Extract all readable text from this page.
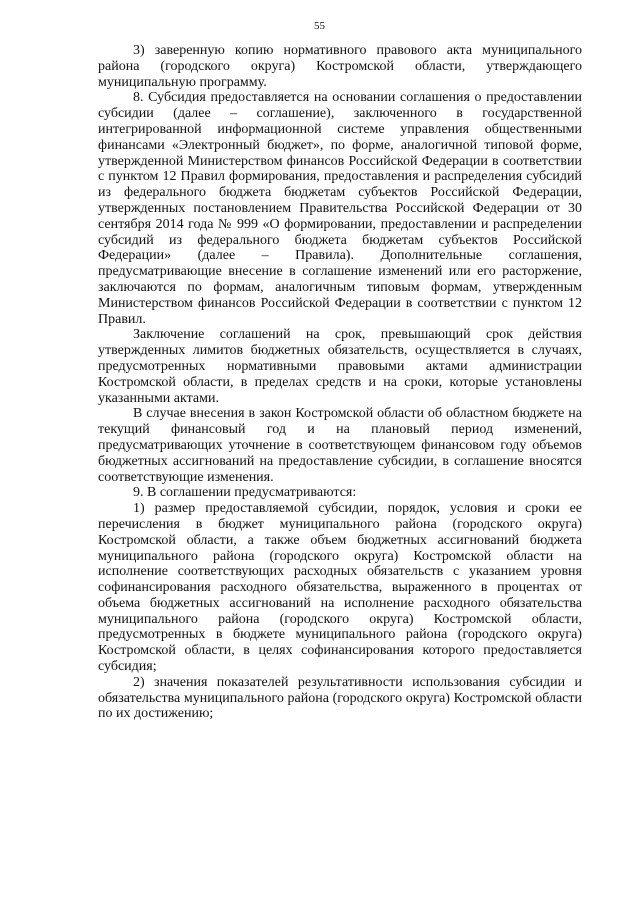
55

3) заверенную копию нормативного правового акта муниципального района (городского округа) Костромской области, утверждающего муниципальную программу.

8. Субсидия предоставляется на основании соглашения о предоставлении субсидии (далее – соглашение), заключенного в государственной интегрированной информационной системе управления общественными финансами «Электронный бюджет», по форме, аналогичной типовой форме, утвержденной Министерством финансов Российской Федерации в соответствии с пунктом 12 Правил формирования, предоставления и распределения субсидий из федерального бюджета бюджетам субъектов Российской Федерации, утвержденных постановлением Правительства Российской Федерации от 30 сентября 2014 года № 999 «О формировании, предоставлении и распределении субсидий из федерального бюджета бюджетам субъектов Российской Федерации» (далее – Правила). Дополнительные соглашения, предусматривающие внесение в соглашение изменений или его расторжение, заключаются по формам, аналогичным типовым формам, утвержденным Министерством финансов Российской Федерации в соответствии с пунктом 12 Правил.

Заключение соглашений на срок, превышающий срок действия утвержденных лимитов бюджетных обязательств, осуществляется в случаях, предусмотренных нормативными правовыми актами администрации Костромской области, в пределах средств и на сроки, которые установлены указанными актами.

В случае внесения в закон Костромской области об областном бюджете на текущий финансовый год и на плановый период изменений, предусматривающих уточнение в соответствующем финансовом году объемов бюджетных ассигнований на предоставление субсидии, в соглашение вносятся соответствующие изменения.

9. В соглашении предусматриваются:

1) размер предоставляемой субсидии, порядок, условия и сроки ее перечисления в бюджет муниципального района (городского округа) Костромской области, а также объем бюджетных ассигнований бюджета муниципального района (городского округа) Костромской области на исполнение соответствующих расходных обязательств с указанием уровня софинансирования расходного обязательства, выраженного в процентах от объема бюджетных ассигнований на исполнение расходного обязательства муниципального района (городского округа) Костромской области, предусмотренных в бюджете муниципального района (городского округа) Костромской области, в целях софинансирования которого предоставляется субсидия;

2) значения показателей результативности использования субсидии и обязательства муниципального района (городского округа) Костромской области по их достижению;
